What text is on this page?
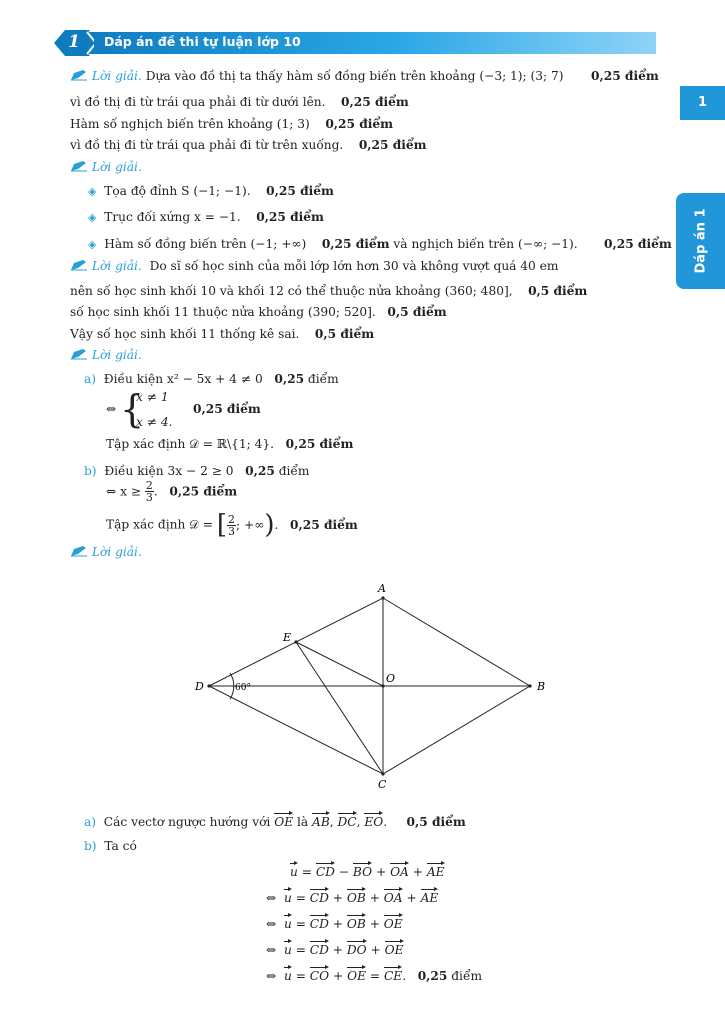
1 Dáp án đề thi tự luận lớp 10
1
Dáp án 1
Lời giải. Dựa vào đồ thị ta thấy hàm số đồng biến trên khoảng (−3; 1); (3; 7) 0,25 điểm
vì đồ thị đi từ trái qua phải đi từ dưới lên. 0,25 điểm
Hàm số nghịch biến trên khoảng (1; 3) 0,25 điểm
vì đồ thị đi từ trái qua phải đi từ trên xuống. 0,25 điểm
Lời giải.
◈ Tọa độ đỉnh S (−1; −1). 0,25 điểm
◈ Trục đối xứng x = −1. 0,25 điểm
◈ Hàm số đồng biến trên (−1; +∞) 0,25 điểm và nghịch biến trên (−∞; −1). 0,25 điểm
Lời giải. Do sĩ số học sinh của mỗi lớp lớn hơn 30 và không vượt quá 40 em
nên số học sinh khối 10 và khối 12 có thể thuộc nửa khoảng (360; 480], 0,5 điểm
số học sinh khối 11 thuộc nửa khoảng (390; 520]. 0,5 điểm
Vậy số học sinh khối 11 thống kê sai. 0,5 điểm
Lời giải.
a) Điều kiện x² − 5x + 4 ≠ 0 0,25 điểm
⇔ {
x ≠ 1
x ≠ 4.
0,25 điểm
Tập xác định 𝒟 = ℝ\{1; 4}. 0,25 điểm
b) Điều kiện 3x − 2 ≥ 0 0,25 điểm
⇔ $x \ge \frac{2}{3}$ . 0,25 điểm
Tập xác định 𝒟 = [ $\frac{2}{3}$ ; +∞). 0,25 điểm
Lời giải.
A
B
C
D
E
O
60°
a) Các vectơ ngược hướng với OE là AB, DC, EO.     0,5 điểm
b) Ta có
u = CD − BO + OA + AE
⇔ u = CD + OB + OA + AE
⇔ u = CD + OB + OE
⇔ u = CD + DO + OE
⇔ u = CO + OE = CE. 0,25 điểm
